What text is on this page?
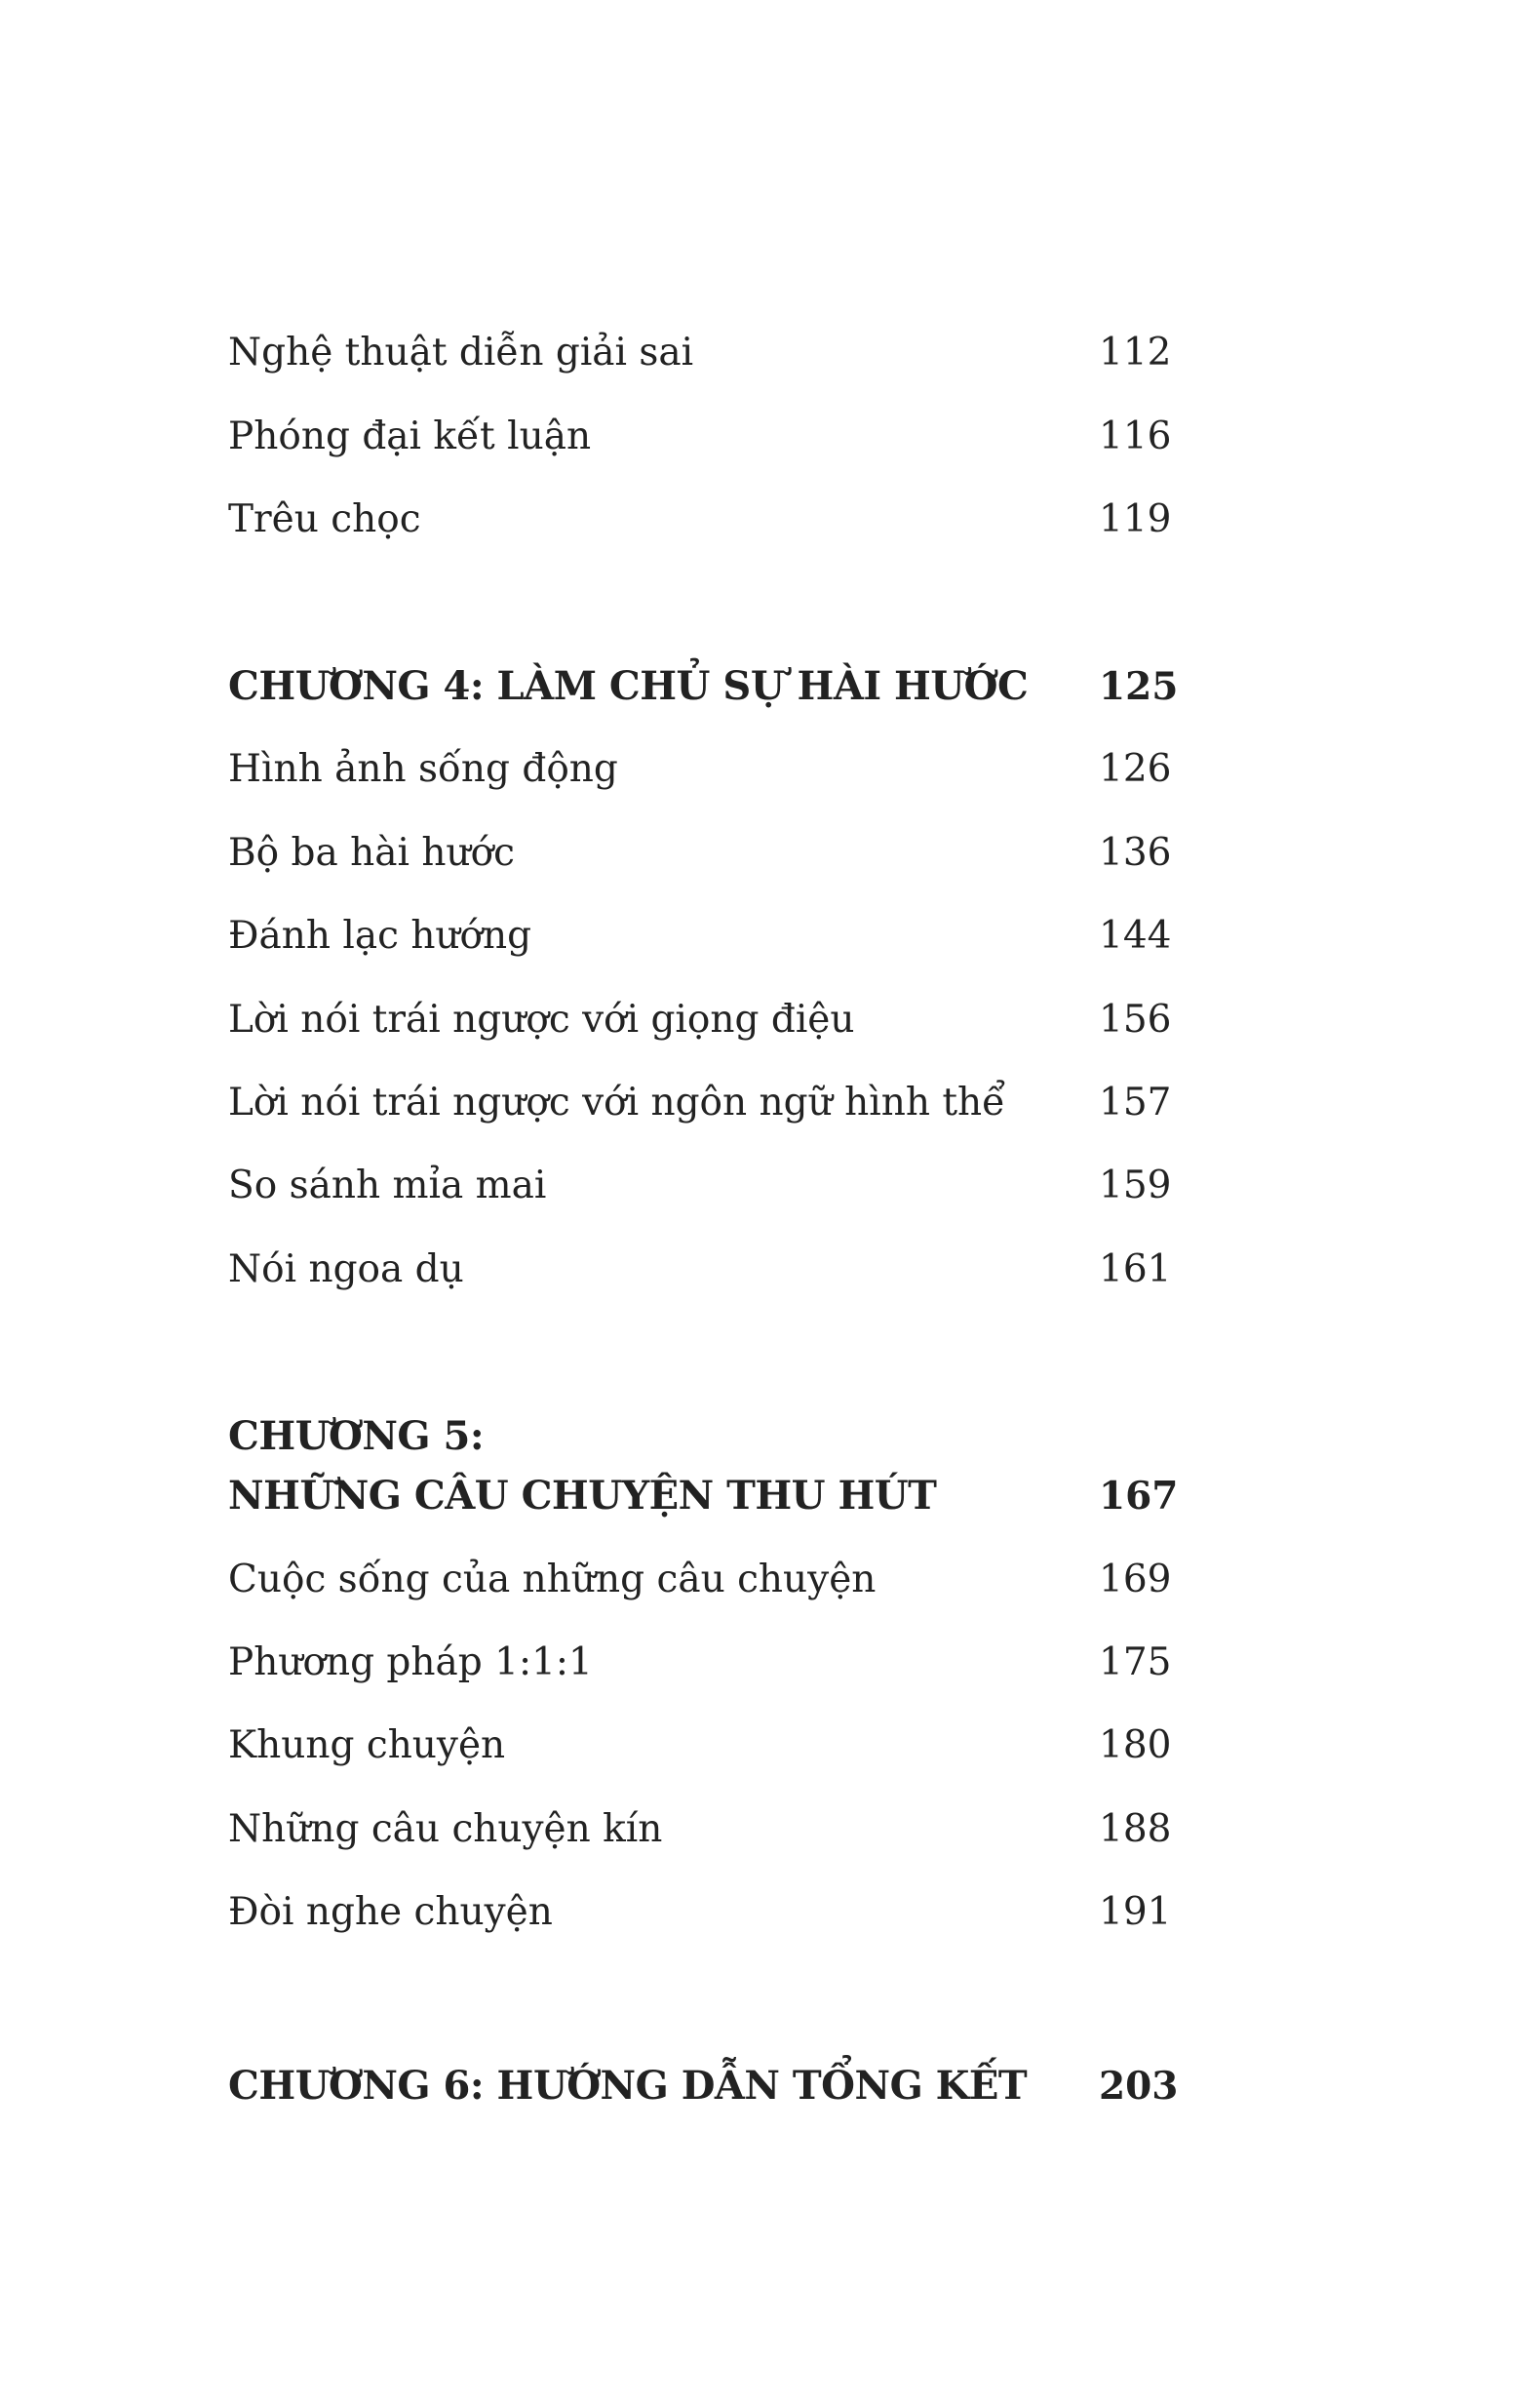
Nghệ thuật diễn giải sai	112
Phóng đại kết luận	116
Trêu chọc	119
CHƯƠNG 4: LÀM CHỦ SỰ HÀI HƯỚC 125
Hình ảnh sống động	126
Bộ ba hài hước	136
Đánh lạc hướng	144
Lời nói trái ngược với giọng điệu	156
Lời nói trái ngược với ngôn ngữ hình thể 157
So sánh mỉa mai	159
Nói ngoa dụ	161
CHƯƠNG 5:
NHỮNG CÂU CHUYỆN THU HÚT	167
Cuộc sống của những câu chuyện	169
Phương pháp 1:1:1	175
Khung chuyện	180
Những câu chuyện kín	188
Đòi nghe chuyện	191
CHƯƠNG 6: HƯỚNG DẪN TỔNG KẾT 203
